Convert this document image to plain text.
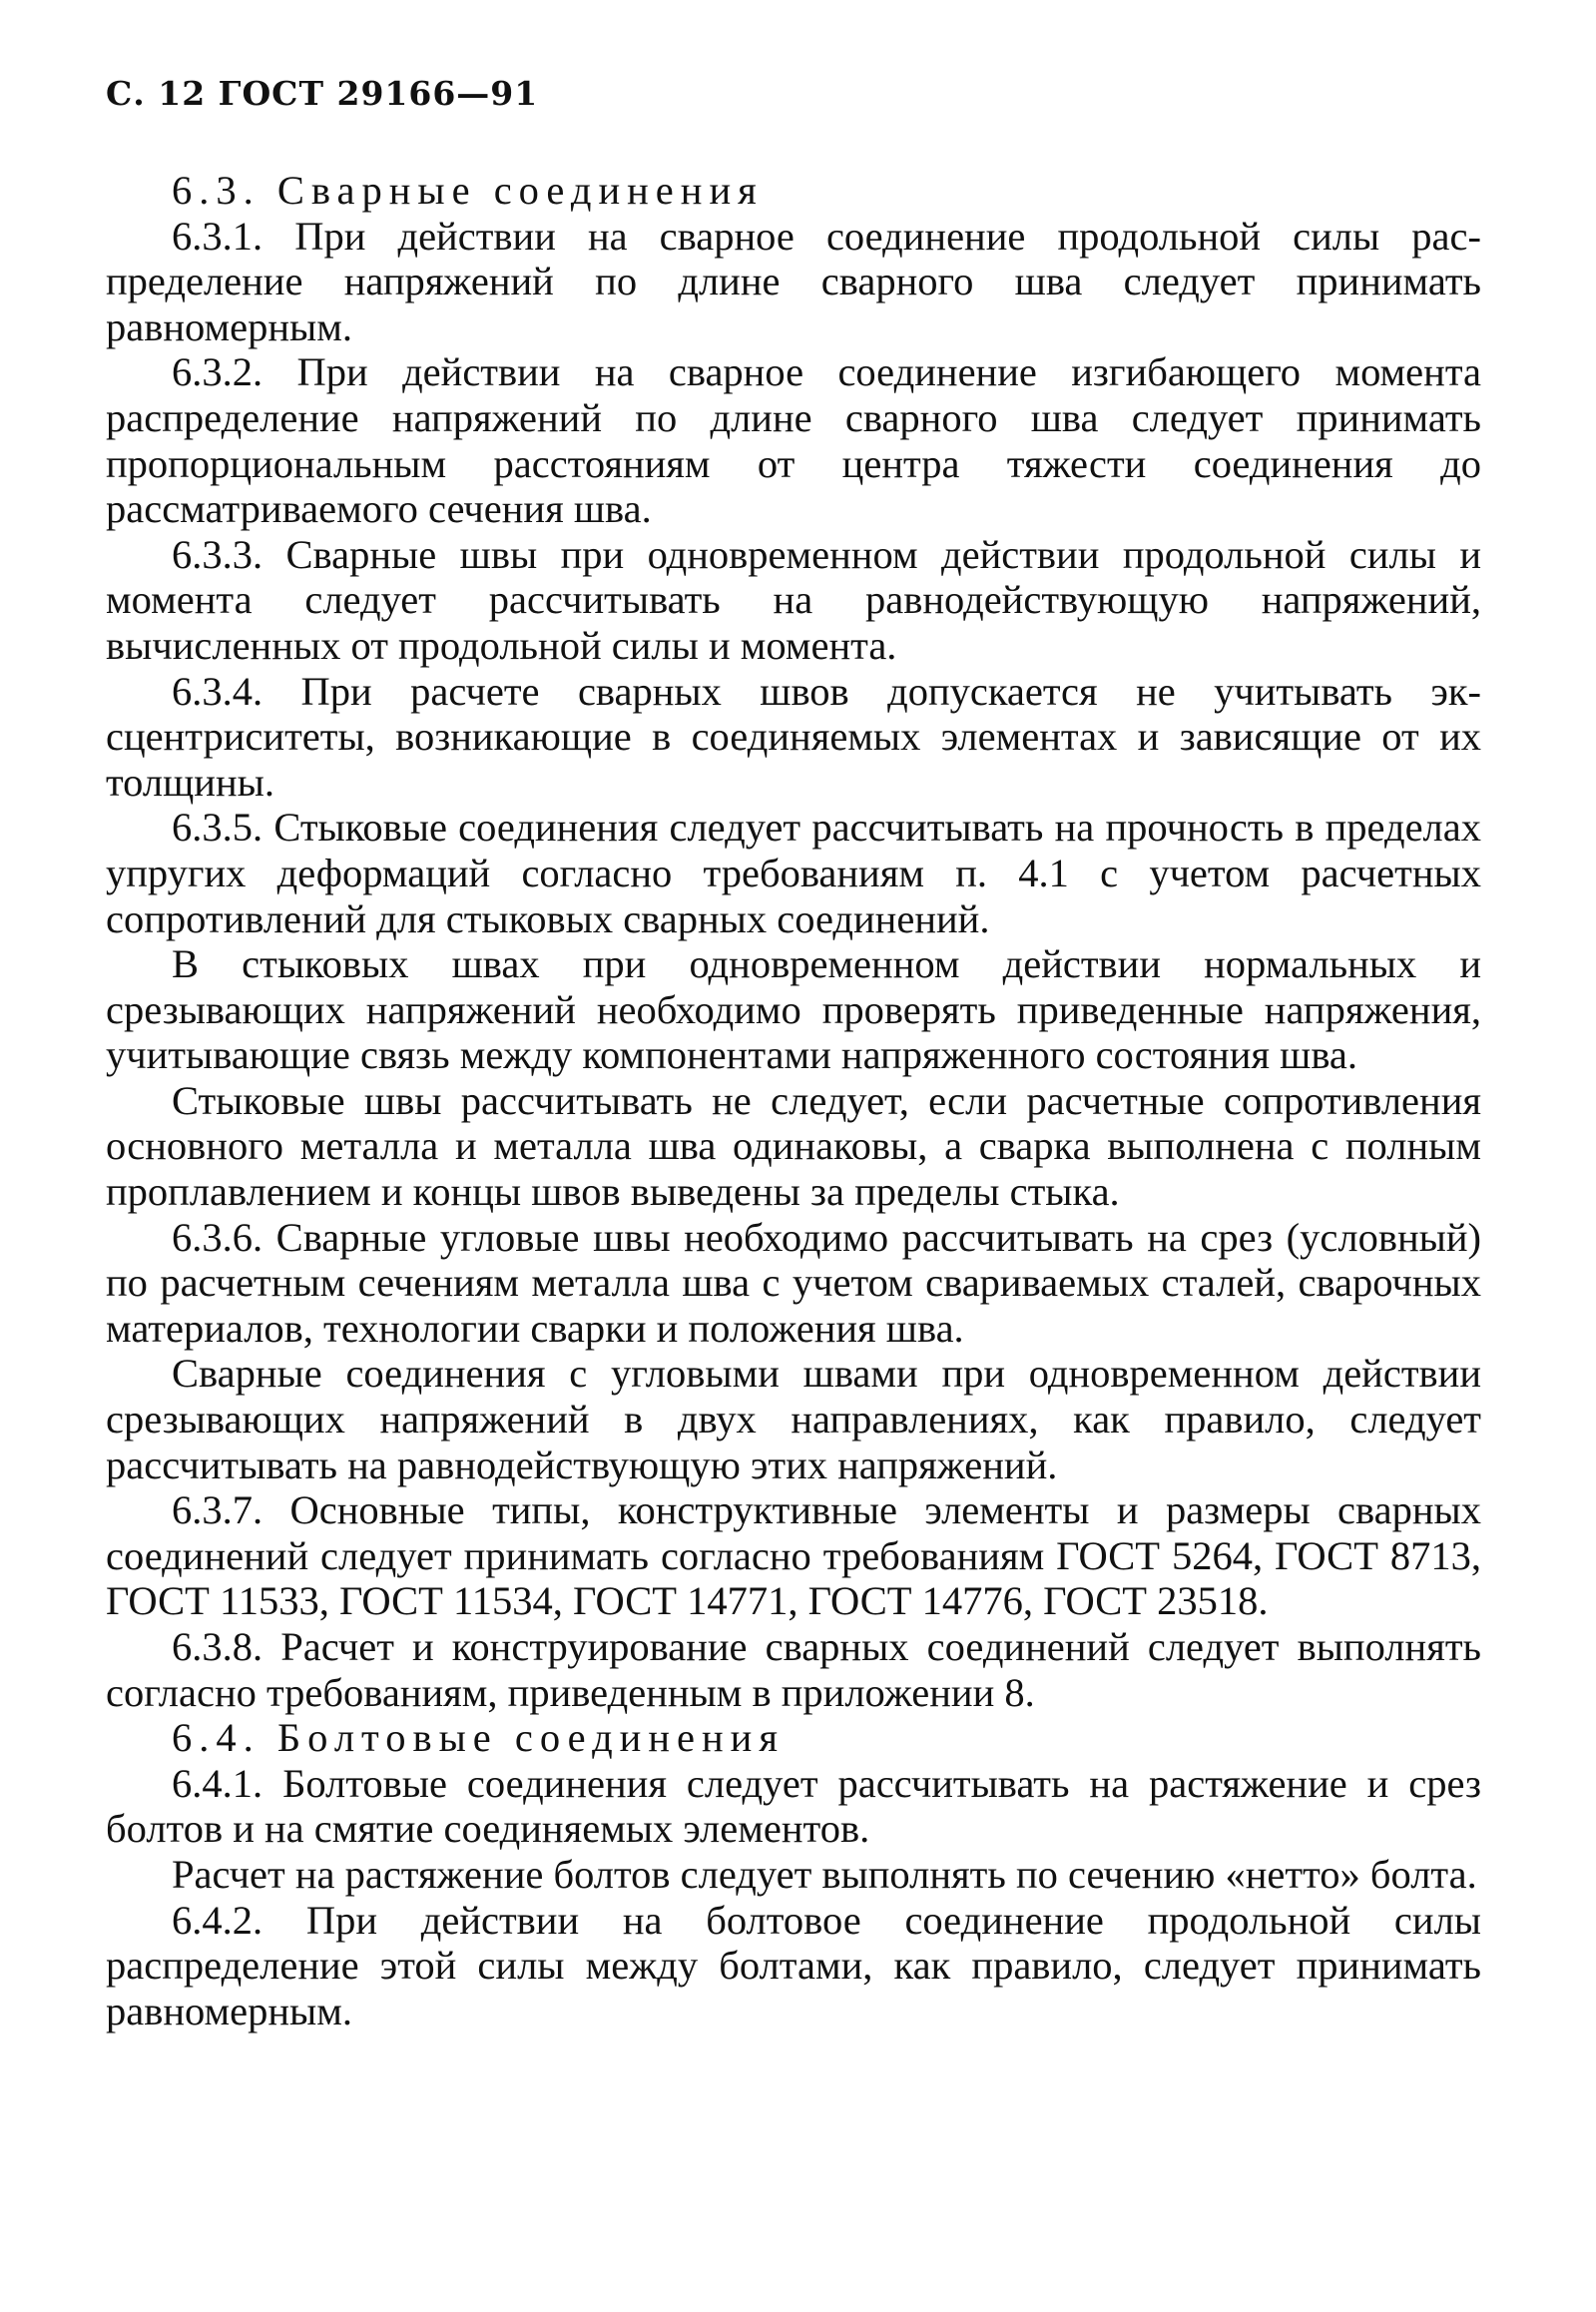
С. 12 ГОСТ 29166—91

6.3. Сварные соединения

6.3.1. При действии на сварное соединение продольной силы распределение напряжений по длине сварного шва следует принимать равномерным.

6.3.2. При действии на сварное соединение изгибающего момента распределение напряжений по длине сварного шва следует принимать пропорциональным расстояниям от центра тяжести соединения до рассматриваемого сечения шва.

6.3.3. Сварные швы при одновременном действии продольной силы и момента следует рассчитывать на равнодействующую напряжений, вычисленных от продольной силы и момента.

6.3.4. При расчете сварных швов допускается не учитывать эксцентриситеты, возникающие в соединяемых элементах и зависящие от их толщины.

6.3.5. Стыковые соединения следует рассчитывать на прочность в пределах упругих деформаций согласно требованиям п. 4.1 с учетом расчетных сопротивлений для стыковых сварных соединений.

В стыковых швах при одновременном действии нормальных и срезывающих напряжений необходимо проверять приведенные напряжения, учитывающие связь между компонентами напряженного состояния шва.

Стыковые швы рассчитывать не следует, если расчетные сопротивления основного металла и металла шва одинаковы, а сварка выполнена с полным проплавлением и концы швов выведены за пределы стыка.

6.3.6. Сварные угловые швы необходимо рассчитывать на срез (условный) по расчетным сечениям металла шва с учетом свариваемых сталей, сварочных материалов, технологии сварки и положения шва.

Сварные соединения с угловыми швами при одновременном действии срезывающих напряжений в двух направлениях, как правило, следует рассчитывать на равнодействующую этих напряжений.

6.3.7. Основные типы, конструктивные элементы и размеры сварных соединений следует принимать согласно требованиям ГОСТ 5264, ГОСТ 8713, ГОСТ 11533, ГОСТ 11534, ГОСТ 14771, ГОСТ 14776, ГОСТ 23518.

6.3.8. Расчет и конструирование сварных соединений следует выполнять согласно требованиям, приведенным в приложении 8.

6.4. Болтовые соединения

6.4.1. Болтовые соединения следует рассчитывать на растяжение и срез болтов и на смятие соединяемых элементов.

Расчет на растяжение болтов следует выполнять по сечению «нетто» болта.

6.4.2. При действии на болтовое соединение продольной силы распределение этой силы между болтами, как правило, следует принимать равномерным.
